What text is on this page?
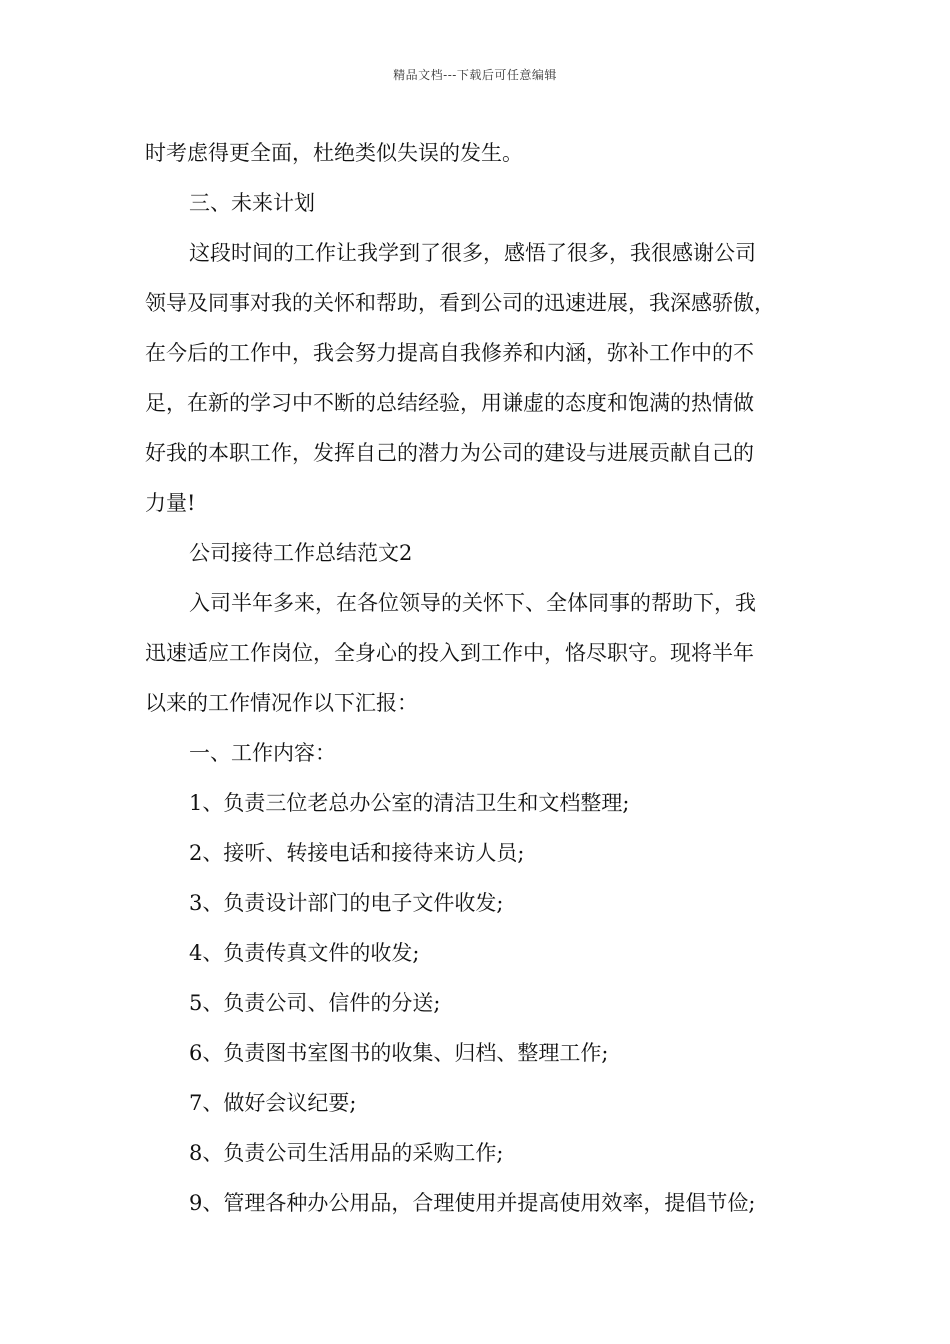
精品文档---下载后可任意编辑
时考虑得更全面，杜绝类似失误的发生。
三、未来计划
这段时间的工作让我学到了很多，感悟了很多，我很感谢公司
领导及同事对我的关怀和帮助，看到公司的迅速进展，我深感骄傲，
在今后的工作中，我会努力提高自我修养和内涵，弥补工作中的不
足，在新的学习中不断的总结经验，用谦虚的态度和饱满的热情做
好我的本职工作，发挥自己的潜力为公司的建设与进展贡献自己的
力量!
公司接待工作总结范文2
入司半年多来，在各位领导的关怀下、全体同事的帮助下，我
迅速适应工作岗位，全身心的投入到工作中，恪尽职守。现将半年
以来的工作情况作以下汇报：
一、工作内容：
1、负责三位老总办公室的清洁卫生和文档整理;
2、接听、转接电话和接待来访人员;
3、负责设计部门的电子文件收发;
4、负责传真文件的收发;
5、负责公司、信件的分送;
6、负责图书室图书的收集、归档、整理工作;
7、做好会议纪要;
8、负责公司生活用品的采购工作;
9、管理各种办公用品，合理使用并提高使用效率，提倡节俭;
